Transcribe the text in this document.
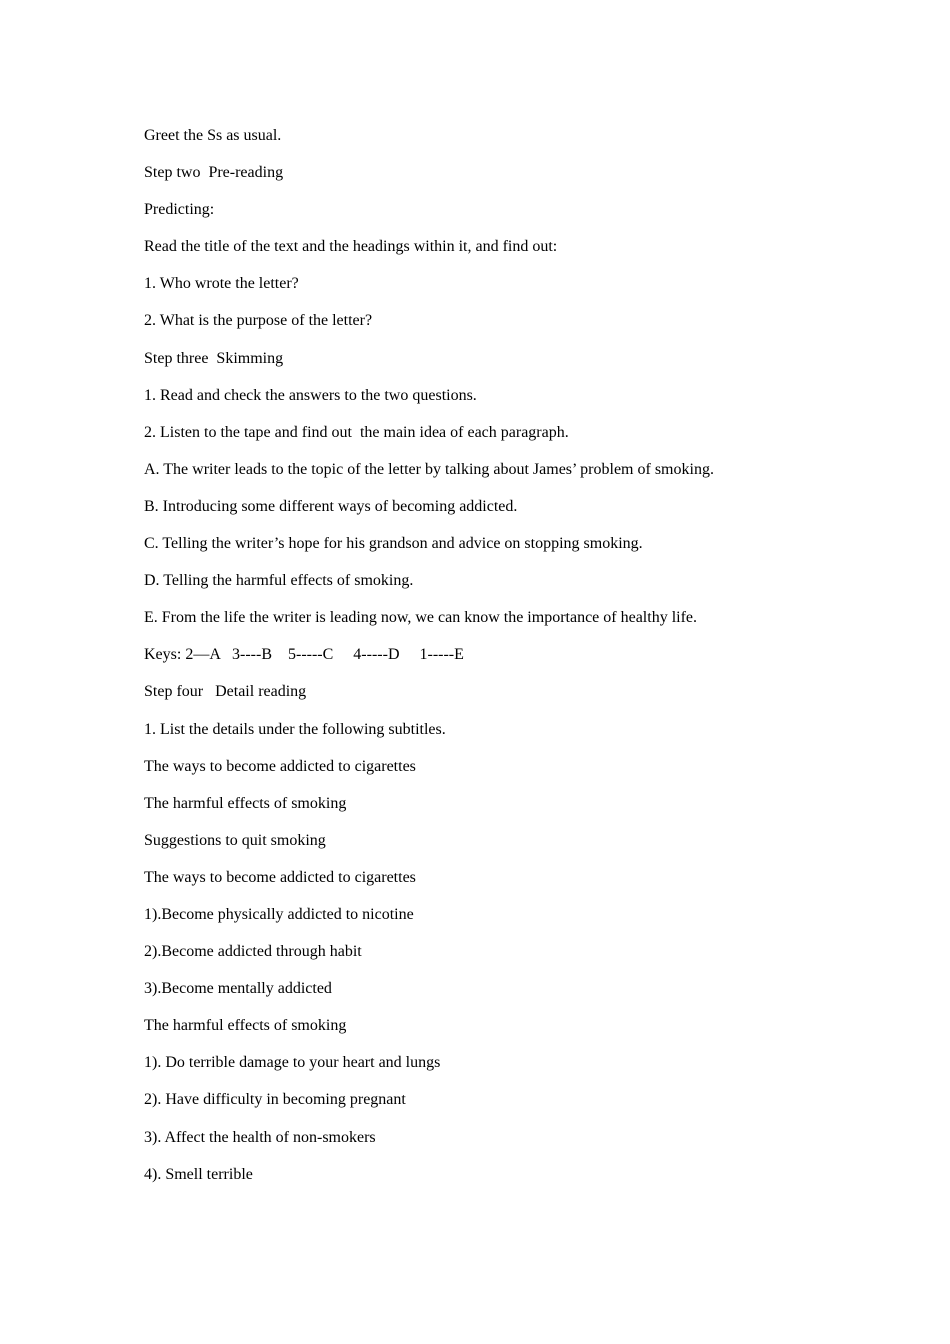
Greet the Ss as usual.
Step two  Pre-reading
Predicting:
Read the title of the text and the headings within it, and find out:
1. Who wrote the letter?
2. What is the purpose of the letter?
Step three  Skimming
1. Read and check the answers to the two questions.
2. Listen to the tape and find out  the main idea of each paragraph.
A. The writer leads to the topic of the letter by talking about James’ problem of smoking.
B. Introducing some different ways of becoming addicted.
C. Telling the writer’s hope for his grandson and advice on stopping smoking.
D. Telling the harmful effects of smoking.
E. From the life the writer is leading now, we can know the importance of healthy life.
Keys: 2—A   3----B    5-----C     4-----D     1-----E
Step four   Detail reading
1. List the details under the following subtitles.
The ways to become addicted to cigarettes
The harmful effects of smoking
Suggestions to quit smoking
The ways to become addicted to cigarettes
1).Become physically addicted to nicotine
2).Become addicted through habit
3).Become mentally addicted
The harmful effects of smoking
1). Do terrible damage to your heart and lungs
2). Have difficulty in becoming pregnant
3). Affect the health of non-smokers
4). Smell terrible
